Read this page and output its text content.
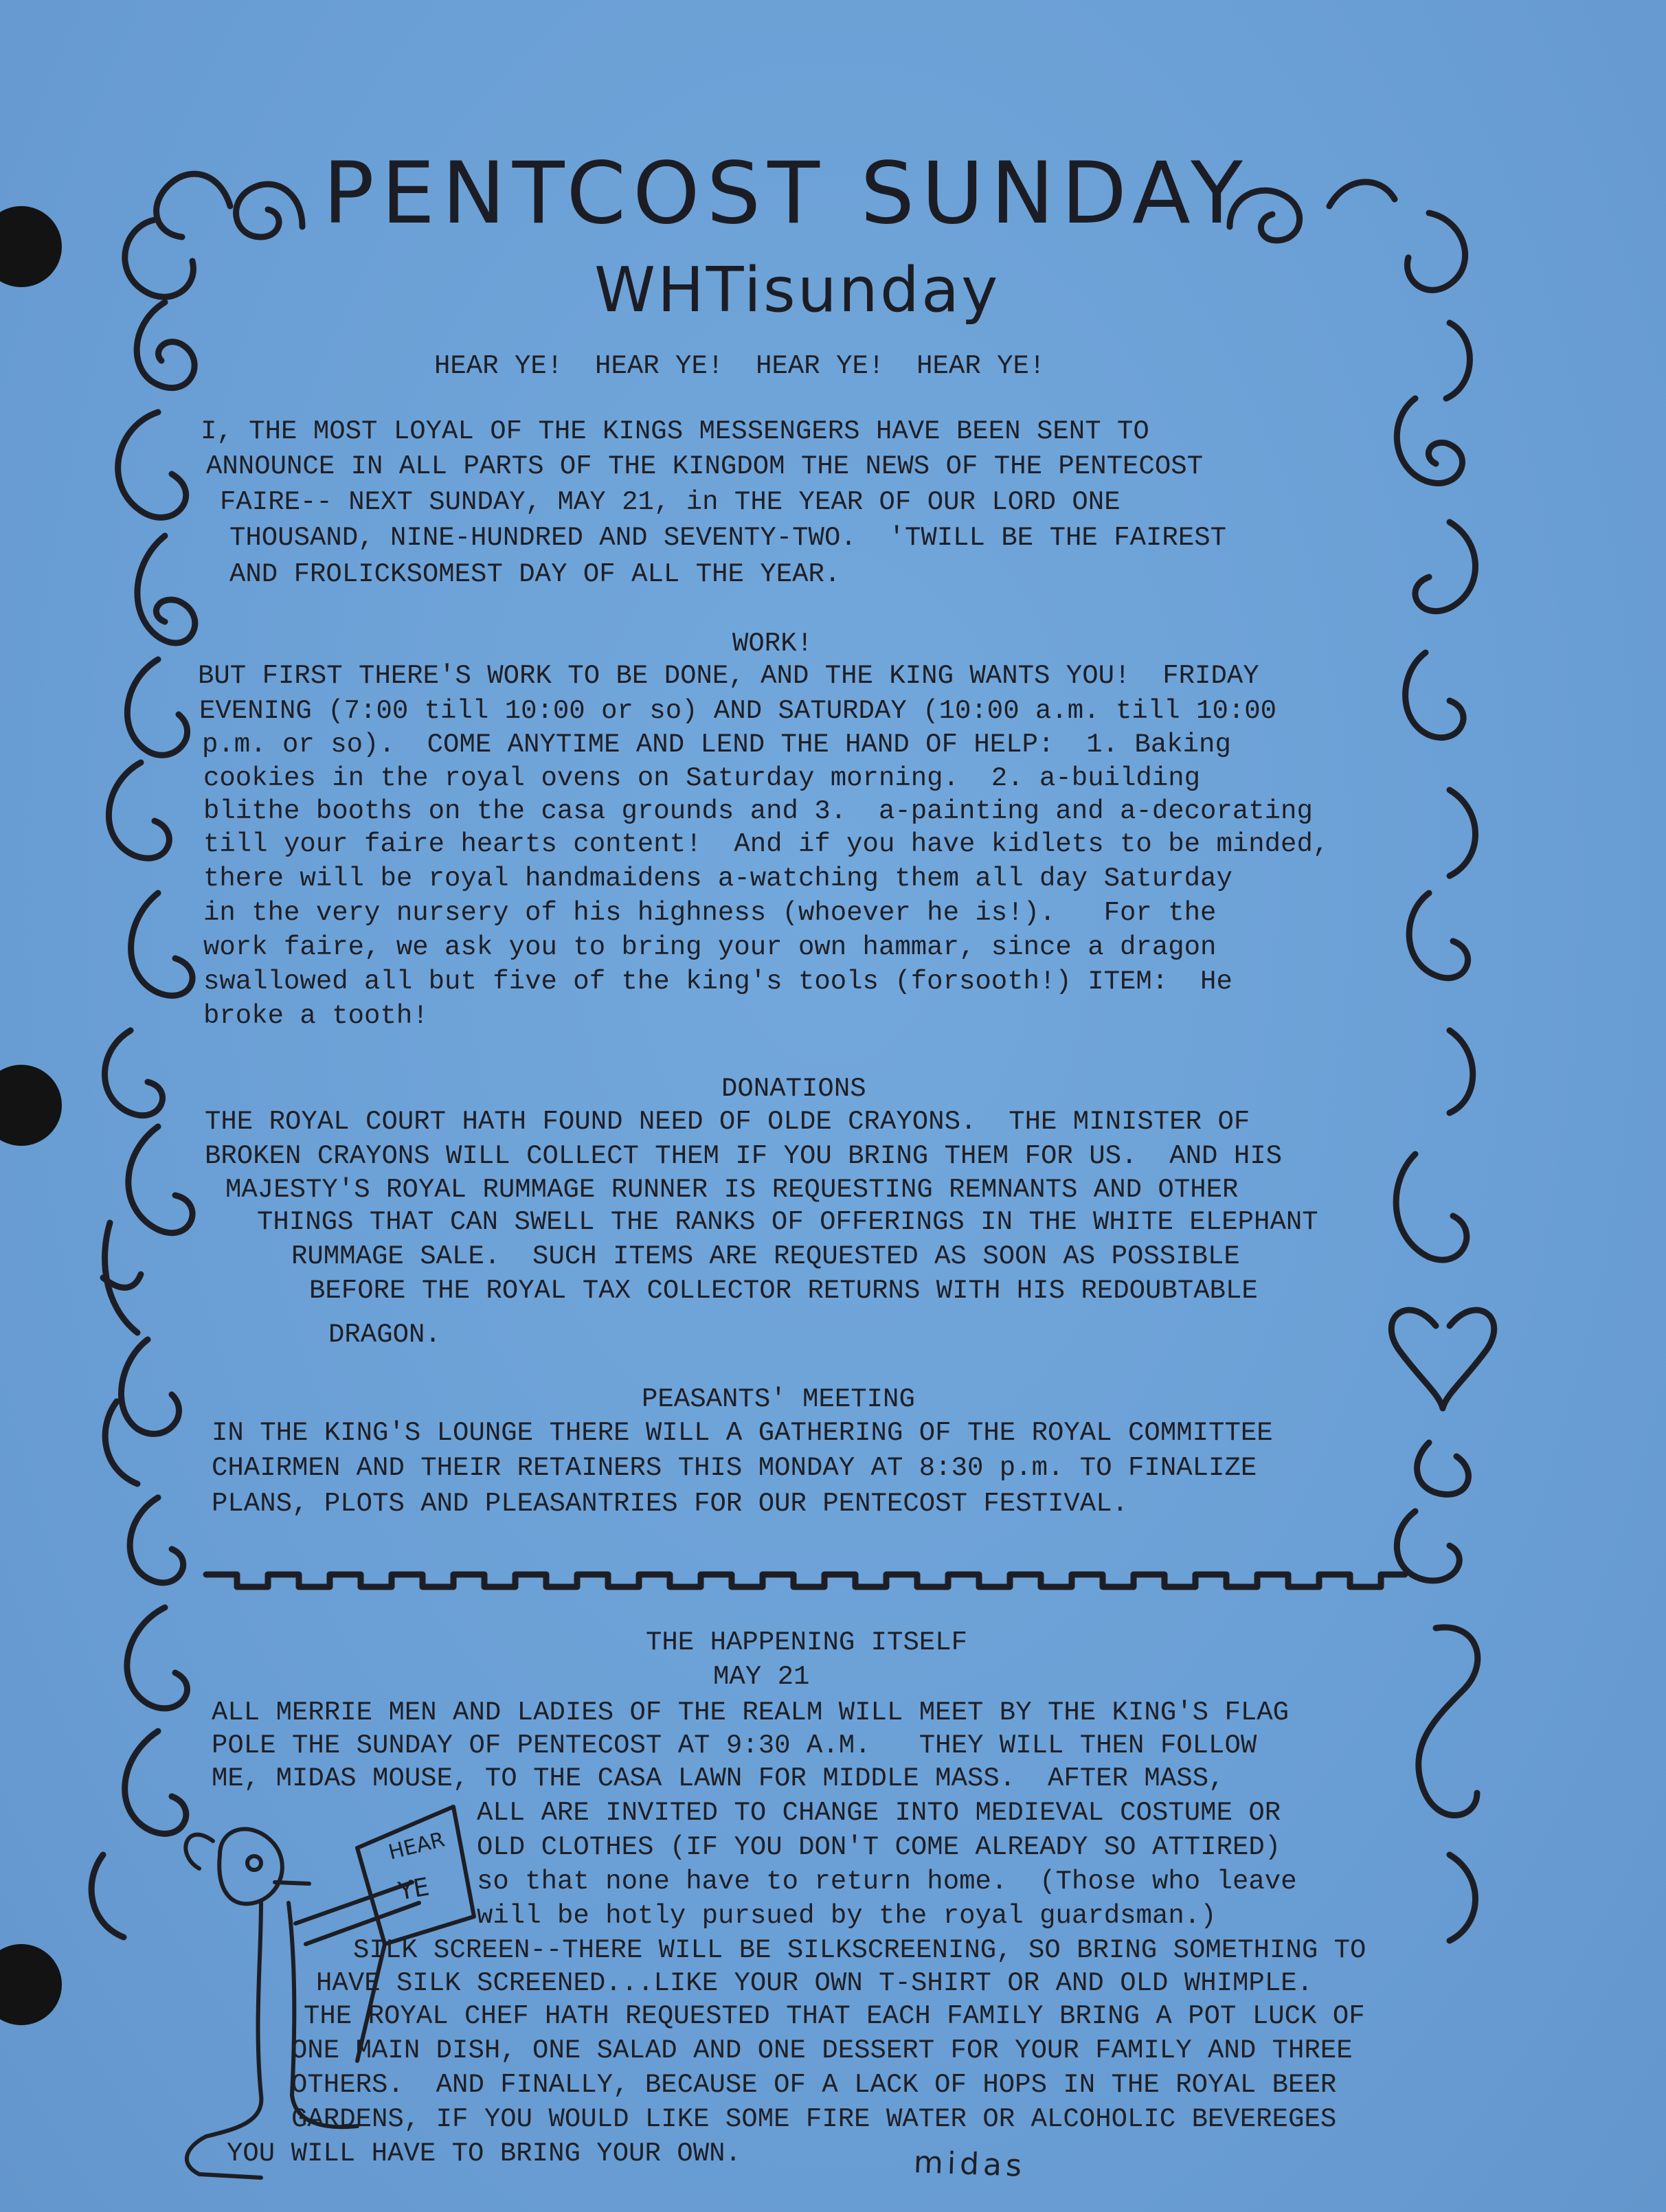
PENTCOST SUNDAY
WHTisunday
HEAR
YE
HEAR YE!  HEAR YE!  HEAR YE!  HEAR YE!
I, THE MOST LOYAL OF THE KINGS MESSENGERS HAVE BEEN SENT TO
ANNOUNCE IN ALL PARTS OF THE KINGDOM THE NEWS OF THE PENTECOST
FAIRE-- NEXT SUNDAY, MAY 21, in THE YEAR OF OUR LORD ONE
THOUSAND, NINE-HUNDRED AND SEVENTY-TWO.  'TWILL BE THE FAIREST
AND FROLICKSOMEST DAY OF ALL THE YEAR.
WORK!
BUT FIRST THERE'S WORK TO BE DONE, AND THE KING WANTS YOU!  FRIDAY
EVENING (7:00 till 10:00 or so) AND SATURDAY (10:00 a.m. till 10:00
p.m. or so).  COME ANYTIME AND LEND THE HAND OF HELP:  1. Baking
cookies in the royal ovens on Saturday morning.  2. a-building
blithe booths on the casa grounds and 3.  a-painting and a-decorating
till your faire hearts content!  And if you have kidlets to be minded,
there will be royal handmaidens a-watching them all day Saturday
in the very nursery of his highness (whoever he is!).   For the
work faire, we ask you to bring your own hammar, since a dragon
swallowed all but five of the king's tools (forsooth!) ITEM:  He
broke a tooth!
DONATIONS
THE ROYAL COURT HATH FOUND NEED OF OLDE CRAYONS.  THE MINISTER OF
BROKEN CRAYONS WILL COLLECT THEM IF YOU BRING THEM FOR US.  AND HIS
MAJESTY'S ROYAL RUMMAGE RUNNER IS REQUESTING REMNANTS AND OTHER
THINGS THAT CAN SWELL THE RANKS OF OFFERINGS IN THE WHITE ELEPHANT
RUMMAGE SALE.  SUCH ITEMS ARE REQUESTED AS SOON AS POSSIBLE
BEFORE THE ROYAL TAX COLLECTOR RETURNS WITH HIS REDOUBTABLE
DRAGON.
PEASANTS' MEETING
IN THE KING'S LOUNGE THERE WILL A GATHERING OF THE ROYAL COMMITTEE
CHAIRMEN AND THEIR RETAINERS THIS MONDAY AT 8:30 p.m. TO FINALIZE
PLANS, PLOTS AND PLEASANTRIES FOR OUR PENTECOST FESTIVAL.
THE HAPPENING ITSELF
MAY 21
ALL MERRIE MEN AND LADIES OF THE REALM WILL MEET BY THE KING'S FLAG
POLE THE SUNDAY OF PENTECOST AT 9:30 A.M.   THEY WILL THEN FOLLOW
ME, MIDAS MOUSE, TO THE CASA LAWN FOR MIDDLE MASS.  AFTER MASS,
ALL ARE INVITED TO CHANGE INTO MEDIEVAL COSTUME OR
OLD CLOTHES (IF YOU DON'T COME ALREADY SO ATTIRED)
so that none have to return home.  (Those who leave
will be hotly pursued by the royal guardsman.)
SILK SCREEN--THERE WILL BE SILKSCREENING, SO BRING SOMETHING TO
HAVE SILK SCREENED...LIKE YOUR OWN T-SHIRT OR AND OLD WHIMPLE.
THE ROYAL CHEF HATH REQUESTED THAT EACH FAMILY BRING A POT LUCK OF
ONE MAIN DISH, ONE SALAD AND ONE DESSERT FOR YOUR FAMILY AND THREE
OTHERS.  AND FINALLY, BECAUSE OF A LACK OF HOPS IN THE ROYAL BEER
GARDENS, IF YOU WOULD LIKE SOME FIRE WATER OR ALCOHOLIC BEVEREGES
YOU WILL HAVE TO BRING YOUR OWN.	midas
